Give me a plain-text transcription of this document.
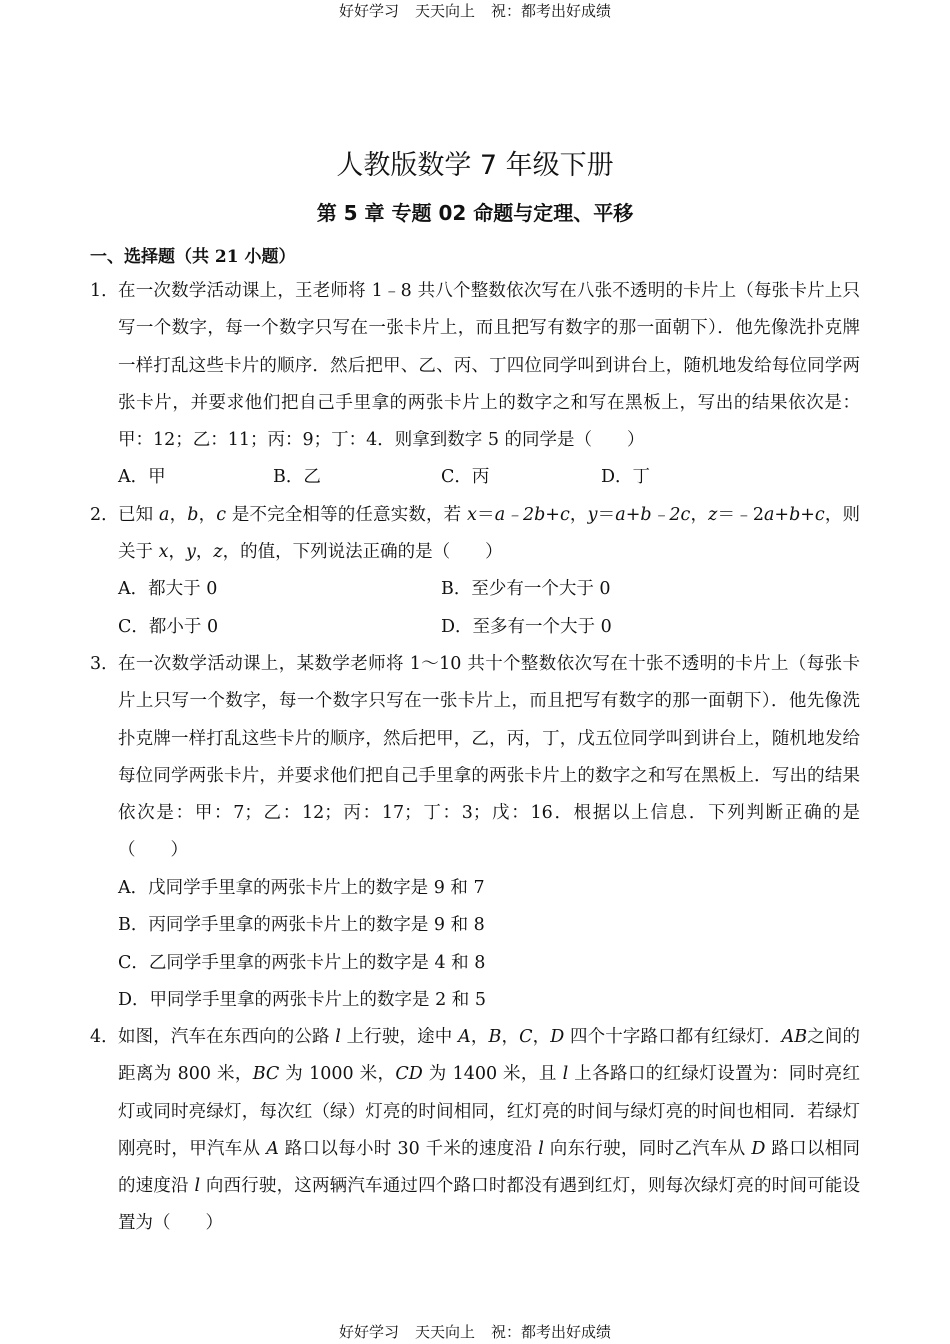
好好学习 天天向上 祝：都考出好成绩
人教版数学 7 年级下册
第 5 章 专题 02 命题与定理、平移
一、选择题（共 21 小题）
1． 在一次数学活动课上，王老师将 1﹣8 共八个整数依次写在八张不透明的卡片上（每张卡片上只写一个数字，每一个数字只写在一张卡片上，而且把写有数字的那一面朝下）．他先像洗扑克牌一样打乱这些卡片的顺序．然后把甲、乙、丙、丁四位同学叫到讲台上，随机地发给每位同学两张卡片，并要求他们把自己手里拿的两张卡片上的数字之和写在黑板上，写出的结果依次是：甲：12；乙：11；丙：9；丁：4．则拿到数字 5 的同学是（　　）
A．甲	B．乙	C．丙	D．丁
2． 已知 a，b，c 是不完全相等的任意实数，若 x＝a﹣2b+c，y＝a+b﹣2c，z＝﹣2a+b+c，则关于 x，y，z，的值，下列说法正确的是（　　）
A．都大于 0	B．至少有一个大于 0
C．都小于 0	D．至多有一个大于 0
3． 在一次数学活动课上，某数学老师将 1～10 共十个整数依次写在十张不透明的卡片上（每张卡片上只写一个数字，每一个数字只写在一张卡片上，而且把写有数字的那一面朝下）．他先像洗扑克牌一样打乱这些卡片的顺序，然后把甲，乙，丙，丁，戊五位同学叫到讲台上，随机地发给每位同学两张卡片，并要求他们把自己手里拿的两张卡片上的数字之和写在黑板上．写出的结果依次是：甲：7；乙：12；丙：17；丁：3；戊：16．根据以上信息．下列判断正确的是（　　）
A．戊同学手里拿的两张卡片上的数字是 9 和 7
B．丙同学手里拿的两张卡片上的数字是 9 和 8
C．乙同学手里拿的两张卡片上的数字是 4 和 8
D．甲同学手里拿的两张卡片上的数字是 2 和 5
4． 如图，汽车在东西向的公路 l 上行驶，途中 A，B，C，D 四个十字路口都有红绿灯．AB之间的距离为 800 米，BC 为 1000 米，CD 为 1400 米，且 l 上各路口的红绿灯设置为：同时亮红灯或同时亮绿灯，每次红（绿）灯亮的时间相同，红灯亮的时间与绿灯亮的时间也相同．若绿灯刚亮时，甲汽车从 A 路口以每小时 30 千米的速度沿 l 向东行驶，同时乙汽车从 D 路口以相同的速度沿 l 向西行驶，这两辆汽车通过四个路口时都没有遇到红灯，则每次绿灯亮的时间可能设置为（　　）
好好学习 天天向上 祝：都考出好成绩
